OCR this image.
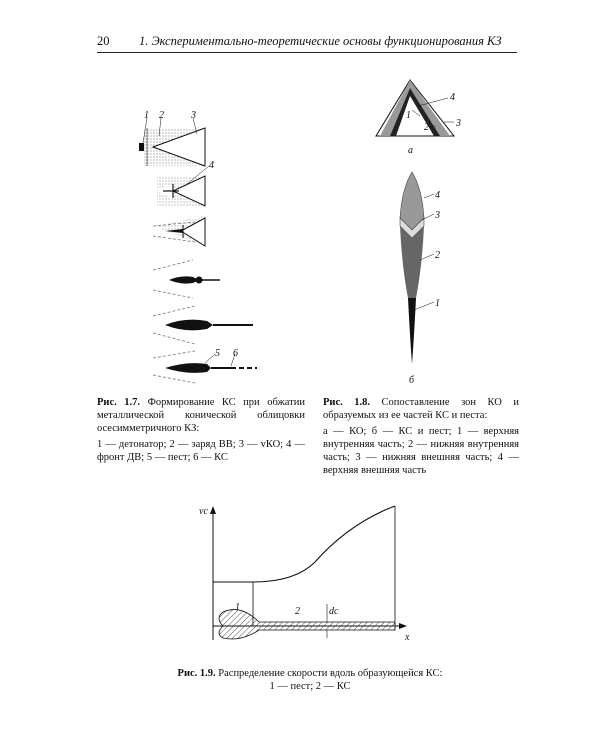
20 1. Экспериментально-теоретические основы функционирования КЗ
1 2	3
4
5 6
4
1
2	3
а
4
3
2
1
б
Рис. 1.7. Формирование КС при обжатии металлической конической облицовки осесимметричного КЗ:
1 — детонатор; 2 — заряд ВВ; 3 — vКО; 4 — фронт ДВ; 5 — пест; 6 — КС
Рис. 1.8. Сопоставление зон КО и образуемых из ее частей КС и песта:
а — КО; б — КС и пест; 1 — верхняя внутренняя часть; 2 — нижняя внутренняя часть; 3 — нижняя внешняя часть; 4 — верхняя внешняя часть
vc
x
1	2	dc
Рис. 1.9. Распределение скорости вдоль образующейся КС:
1 — пест; 2 — КС
